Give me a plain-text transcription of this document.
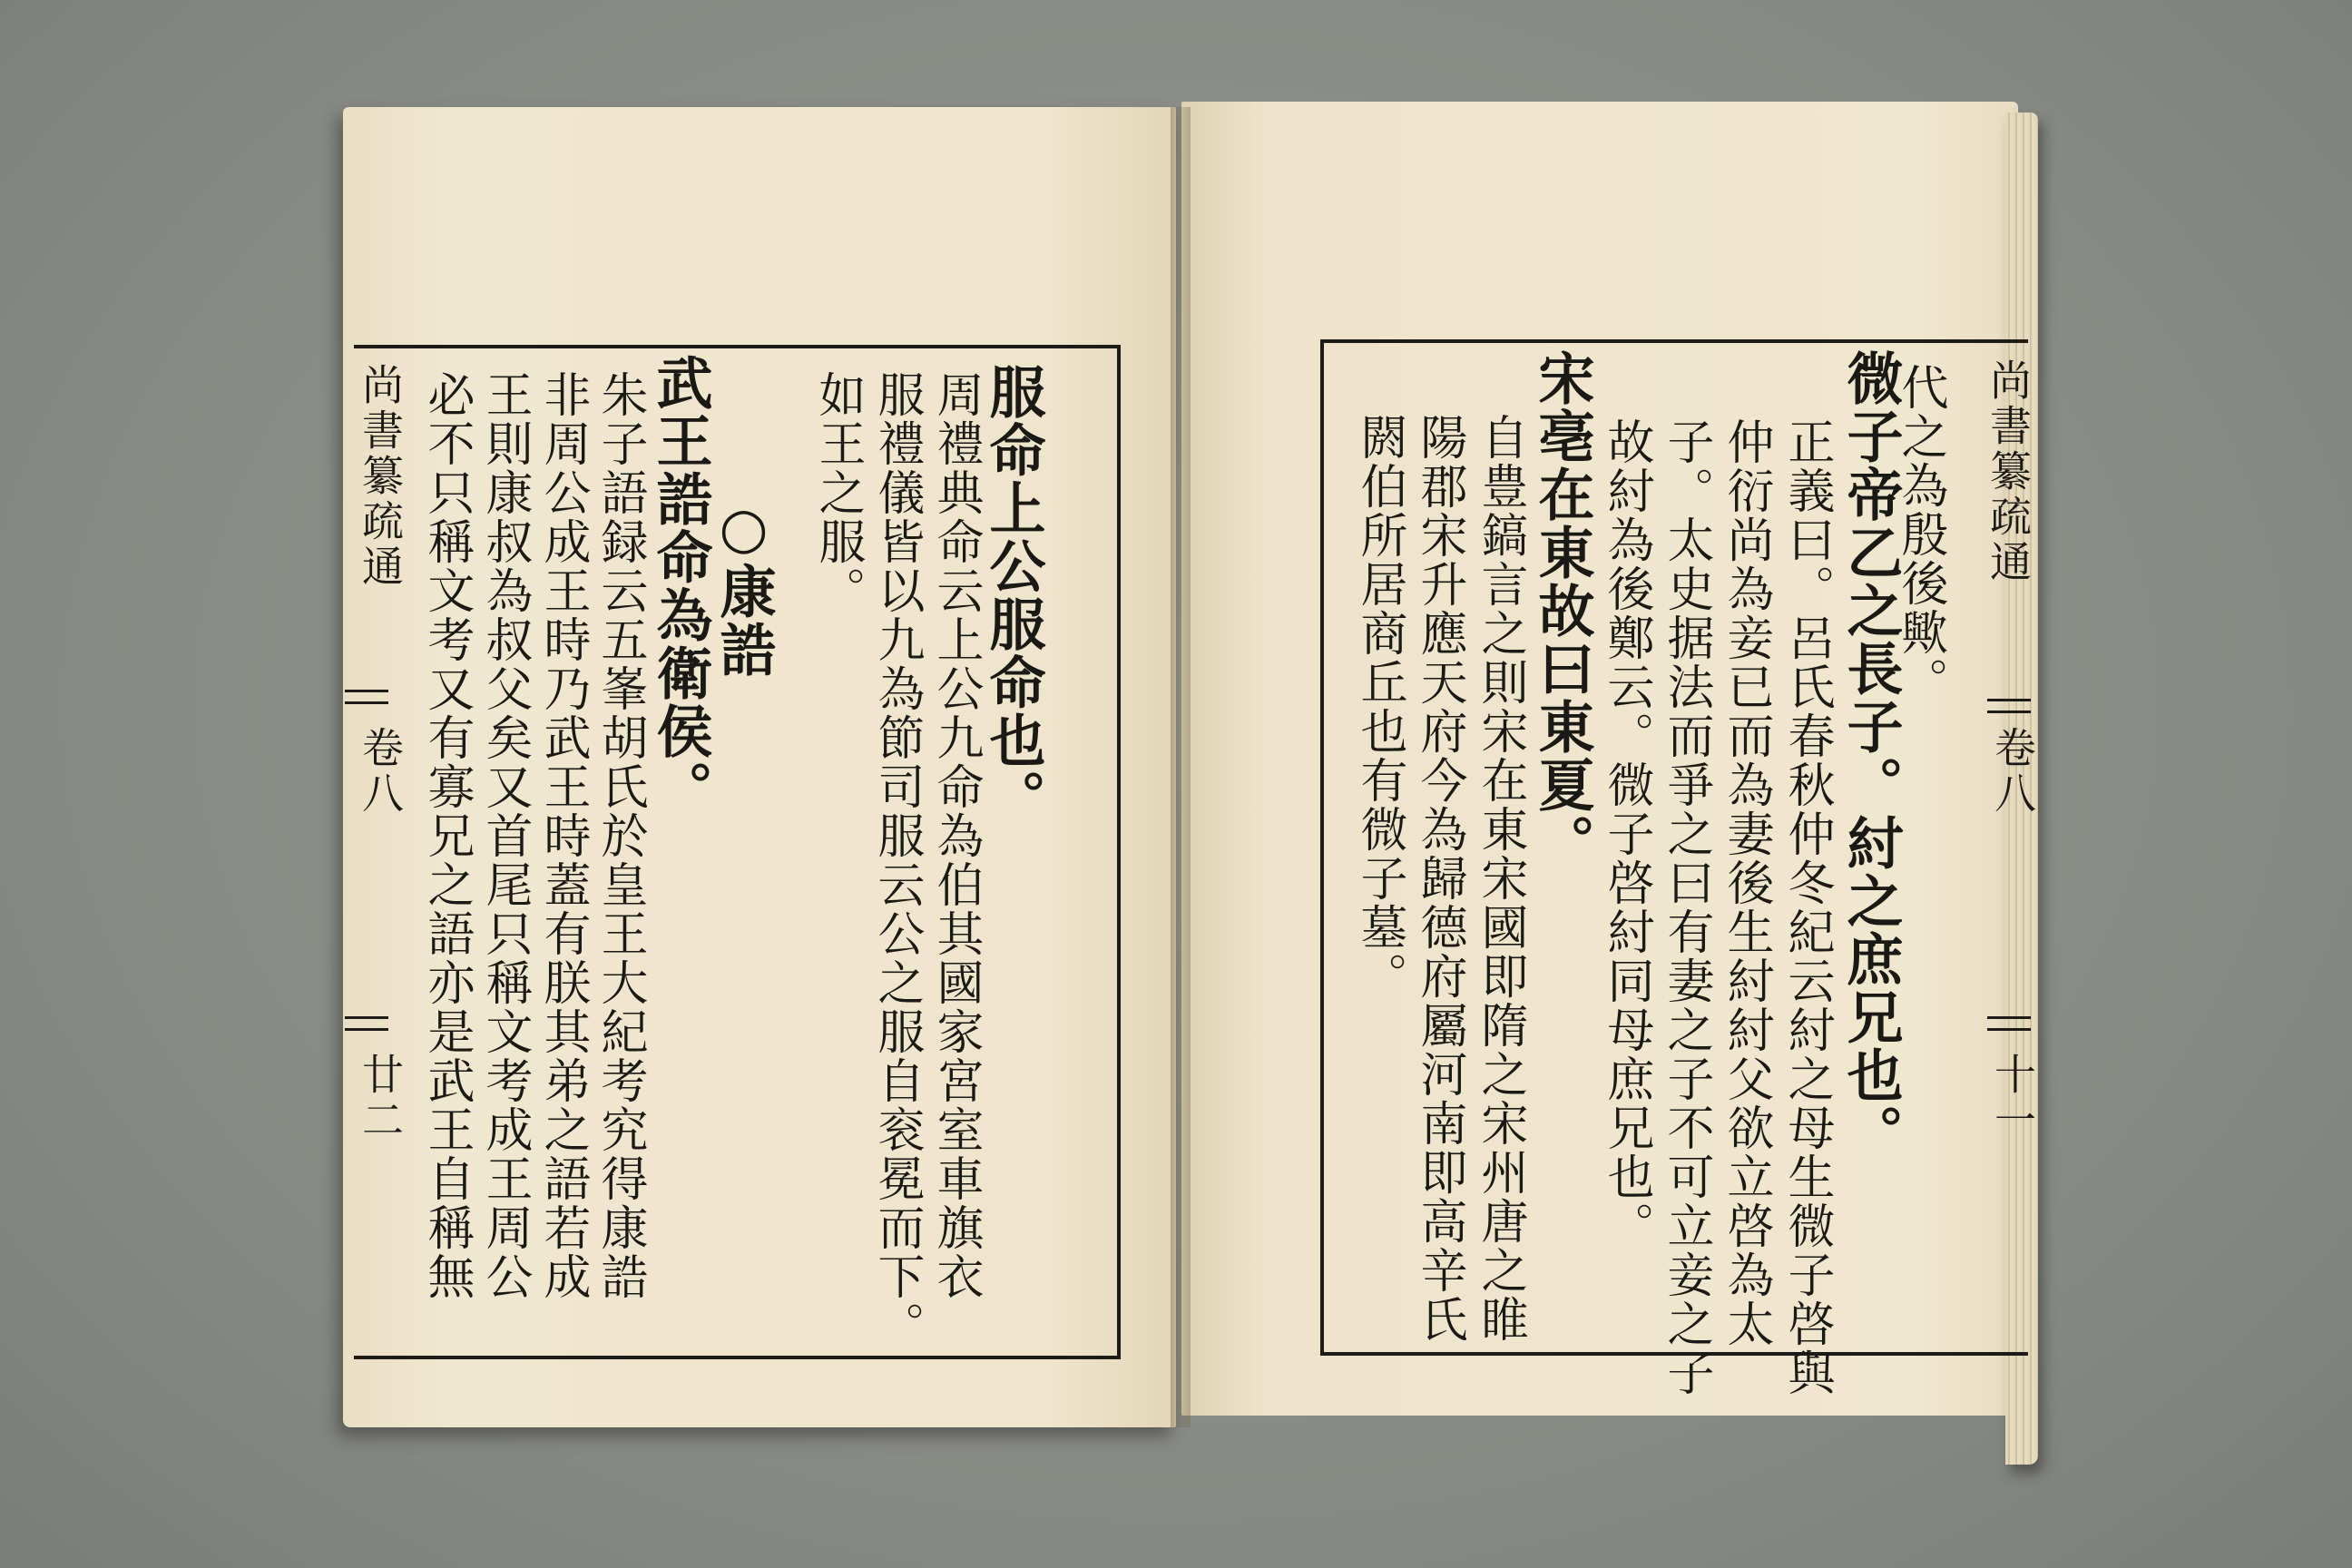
尚書纂疏通
卷八
廿二
服命上公服命也。
周禮典命云上公九命為伯其國家宮室車旗衣
服禮儀皆以九為節司服云公之服自衮冕而下。
如王之服。
○康誥
武王誥命為衛侯。
朱子語録云五峯胡氏於皇王大紀考究得康誥
非周公成王時乃武王時蓋有朕其弟之語若成
王則康叔為叔父矣又首尾只稱文考成王周公
必不只稱文考又有寡兄之語亦是武王自稱無	尚書纂疏通
卷八
十一
代之為殷後歟。
微子帝乙之長子。紂之庶兄也。
正義曰。呂氏春秋仲冬紀云紂之母生微子啓與
仲衍尚為妾已而為妻後生紂紂父欲立啓為太
子。太史据法而爭之曰有妻之子不可立妾之子
故紂為後鄭云。微子啓紂同母庶兄也。
宋亳在東故曰東夏。
自豊鎬言之則宋在東宋國即隋之宋州唐之睢
陽郡宋升應天府今為歸德府屬河南即高辛氏
閼伯所居商丘也有微子墓。
